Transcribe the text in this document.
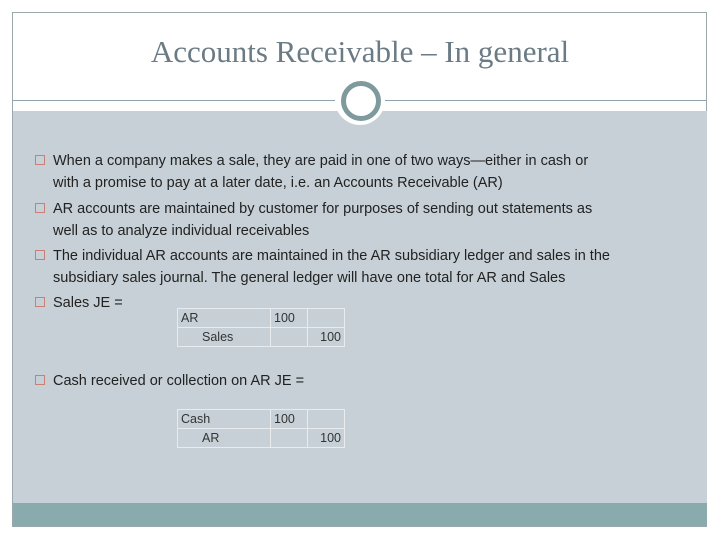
Accounts Receivable – In general
When a company makes a sale, they are paid in one of two ways—either in cash or
with a promise to pay at a later date, i.e. an Accounts Receivable (AR)
AR accounts are maintained by customer for purposes of sending out statements as
well as to analyze individual receivables
The individual AR accounts are maintained in the AR subsidiary ledger and sales in the
subsidiary sales journal. The general ledger will have one total for AR and Sales
Sales JE =
Cash received or collection on AR JE =
AR	100	
Sales		100
Cash	100	
AR		100
